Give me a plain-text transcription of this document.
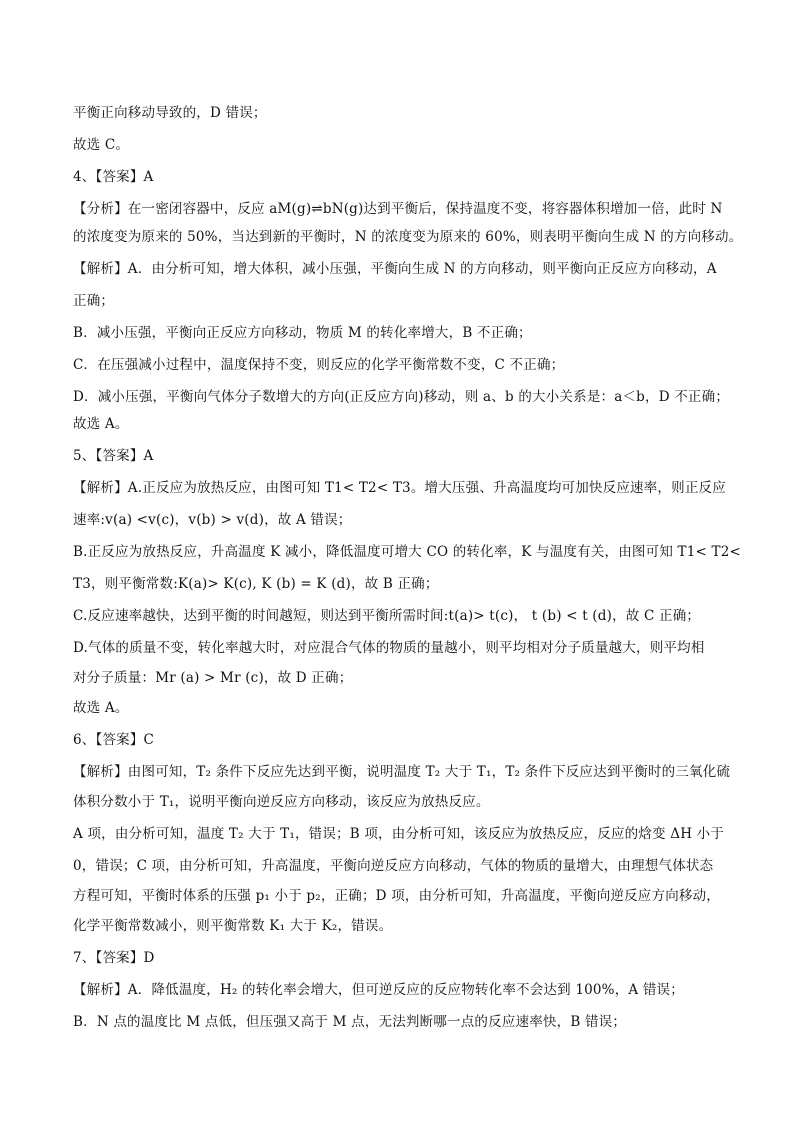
平衡正向移动导致的，D 错误；
故选 C。
4、【答案】A
【分析】在一密闭容器中，反应 aM(g)⇌bN(g)达到平衡后，保持温度不变，将容器体积增加一倍，此时 N
的浓度变为原来的 50%，当达到新的平衡时，N 的浓度变为原来的 60%，则表明平衡向生成 N 的方向移动。
【解析】A．由分析可知，增大体积，减小压强，平衡向生成 N 的方向移动，则平衡向正反应方向移动，A
正确；
B．减小压强，平衡向正反应方向移动，物质 M 的转化率增大，B 不正确；
C．在压强减小过程中，温度保持不变，则反应的化学平衡常数不变，C 不正确；
D．减小压强，平衡向气体分子数增大的方向(正反应方向)移动，则 a、b 的大小关系是：a＜b，D 不正确；
故选 A。
5、【答案】A
【解析】A.正反应为放热反应，由图可知 T1< T2< T3。增大压强、升高温度均可加快反应速率，则正反应
速率:v(a) <v(c)，v(b) > v(d)，故 A 错误；
B.正反应为放热反应，升高温度 K 减小，降低温度可增大 CO 的转化率，K 与温度有关，由图可知 T1< T2<
T3，则平衡常数:K(a)> K(c), K (b) = K (d)，故 B 正确；
C.反应速率越快，达到平衡的时间越短，则达到平衡所需时间:t(a)> t(c)， t (b) < t (d)，故 C 正确；
D.气体的质量不变，转化率越大时，对应混合气体的物质的量越小，则平均相对分子质量越大，则平均相
对分子质量：Mr (a) > Mr (c)，故 D 正确；
故选 A。
6、【答案】C
【解析】由图可知，T₂ 条件下反应先达到平衡，说明温度 T₂ 大于 T₁，T₂ 条件下反应达到平衡时的三氧化硫
体积分数小于 T₁，说明平衡向逆反应方向移动，该反应为放热反应。
A 项，由分析可知，温度 T₂ 大于 T₁，错误；B 项，由分析可知，该反应为放热反应，反应的焓变 ΔH 小于
0，错误；C 项，由分析可知，升高温度，平衡向逆反应方向移动，气体的物质的量增大，由理想气体状态
方程可知，平衡时体系的压强 p₁ 小于 p₂，正确；D 项，由分析可知，升高温度，平衡向逆反应方向移动，
化学平衡常数减小，则平衡常数 K₁ 大于 K₂，错误。
7、【答案】D
【解析】A．降低温度，H₂ 的转化率会增大，但可逆反应的反应物转化率不会达到 100%，A 错误；
B．N 点的温度比 M 点低，但压强又高于 M 点，无法判断哪一点的反应速率快，B 错误；
